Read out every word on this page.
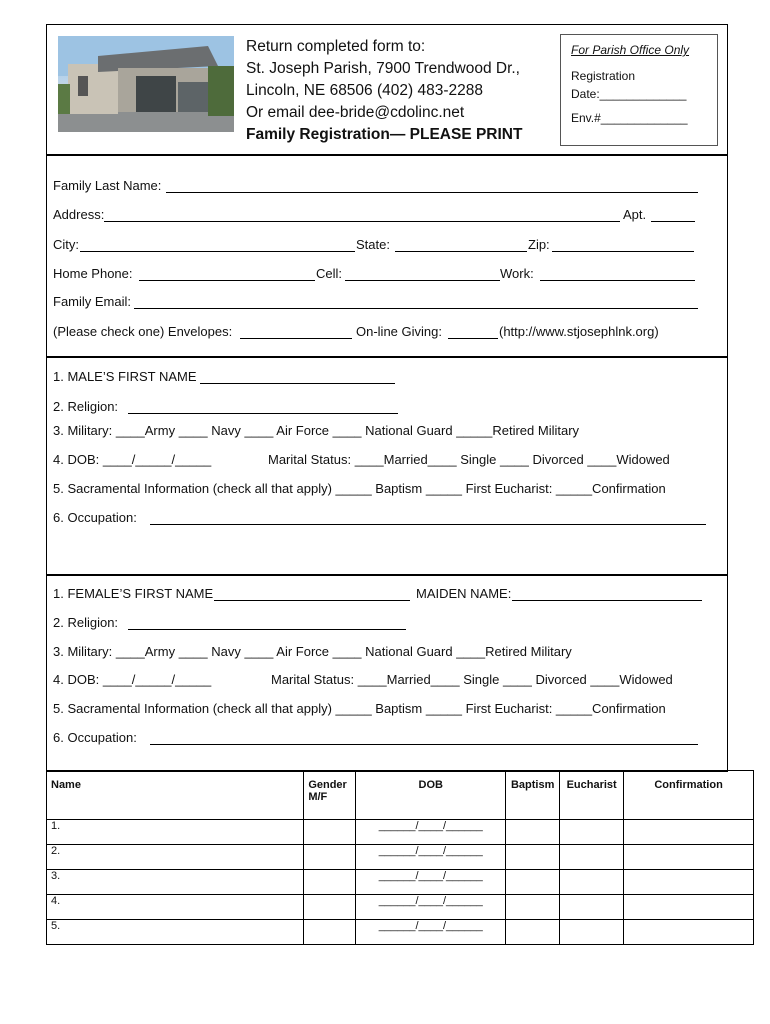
Return completed form to:
St. Joseph Parish, 7900 Trendwood Dr.,
Lincoln, NE 68506 (402) 483-2288
Or email dee-bride@cdolinc.net
Family Registration— PLEASE PRINT
For Parish Office Only
Registration
Date:_____________
Env.#_____________
Family Last Name:
Address:	Apt.
City:	State:	Zip:
Home Phone:	Cell:	Work:
Family Email:
(Please check one) Envelopes:	On-line Giving:	(http://www.stjosephlnk.org)
1. MALE’S FIRST NAME
2. Religion:
3. Military: ____Army ____ Navy ____ Air Force ____ National Guard _____Retired Military
4. DOB: ____/_____/_____	Marital Status: ____Married____ Single ____ Divorced ____Widowed
5. Sacramental Information (check all that apply) _____ Baptism _____ First Eucharist: _____Confirmation
6. Occupation:
1. FEMALE’S FIRST NAME	MAIDEN NAME:
2. Religion:
3. Military: ____Army ____ Navy ____ Air Force ____ National Guard ____Retired Military
4. DOB: ____/_____/_____	Marital Status: ____Married____ Single ____ Divorced ____Widowed
5. Sacramental Information (check all that apply) _____ Baptism _____ First Eucharist: _____Confirmation
6. Occupation:
Name	Gender
M/F	DOB	Baptism	Eucharist	Confirmation
1.		______/____/______			
2.		______/____/______			
3.		______/____/______			
4.		______/____/______			
5.		______/____/______			
